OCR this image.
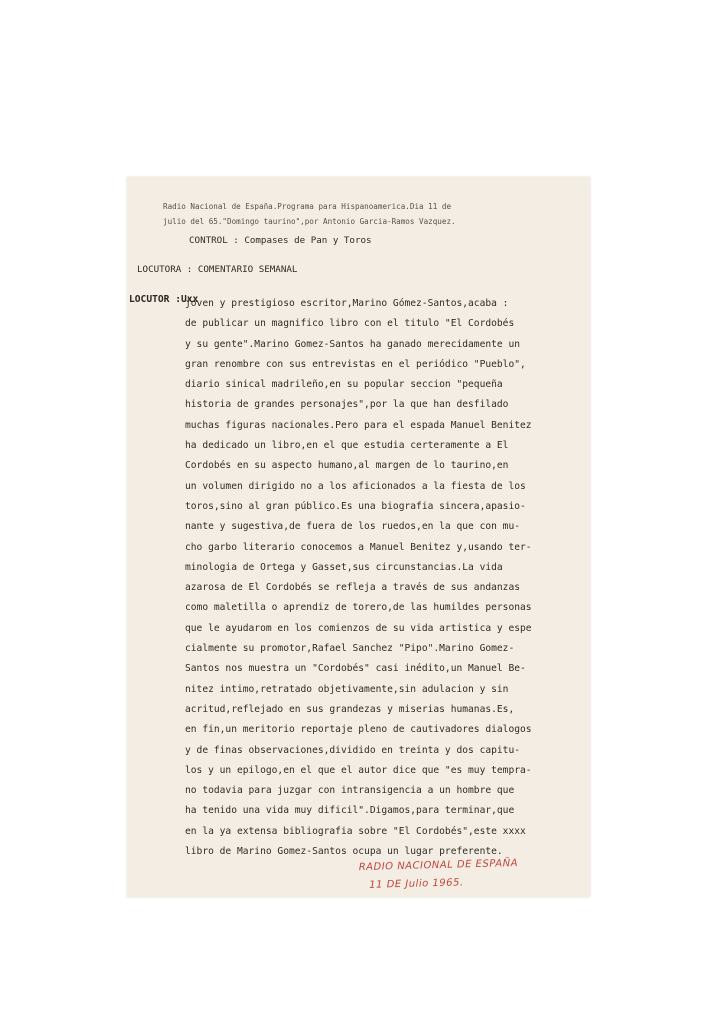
Radio Nacional de España.Programa para Hispanoamerica.Dia 11 de

julio del 65."Domingo taurino",por Antonio Garcia-Ramos Vazquez.

CONTROL : Compases de Pan y Toros

LOCUTORA : COMENTARIO SEMANAL

LOCUTOR :Uxx

joven y prestigioso escritor,Marino Gómez-Santos,acaba :
de publicar un magnifico libro con el titulo "El Cordobés
y su gente".Marino Gomez-Santos ha ganado merecidamente un
gran renombre con sus entrevistas en el periódico "Pueblo",
diario sinical madrileño,en su popular seccion "pequeña
historia de grandes personajes",por la que han desfilado
muchas figuras nacionales.Pero para el espada Manuel Benitez
ha dedicado un libro,en el que estudia certeramente a El
Cordobés en su aspecto humano,al margen de lo taurino,en
un volumen dirigido no a los aficionados a la fiesta de los
toros,sino al gran público.Es una biografia sincera,apasio-
nante y sugestiva,de fuera de los ruedos,en la que con mu-
cho garbo literario conocemos a Manuel Benitez y,usando ter-
minologia de Ortega y Gasset,sus circunstancias.La vida
azarosa de El Cordobés se refleja a través de sus andanzas
como maletilla o aprendiz de torero,de las humildes personas
que le ayudarom en los comienzos de su vida artistica y espe
cialmente su promotor,Rafael Sanchez "Pipo".Marino Gomez-
Santos nos muestra un "Cordobés" casi inédito,un Manuel Be-
nitez intimo,retratado objetivamente,sin adulacion y sin
acritud,reflejado en sus grandezas y miserias humanas.Es,
en fin,un meritorio reportaje pleno de cautivadores dialogos
y de finas observaciones,dividido en treinta y dos capitu-
los y un epilogo,en el que el autor dice que "es muy tempra-
no todavia para juzgar con intransigencia a un hombre que
ha tenido una vida muy dificil".Digamos,para terminar,que
en la ya extensa bibliografia sobre "El Cordobés",este xxxx
libro de Marino Gomez-Santos ocupa un lugar preferente.
RADIO NACIONAL DE ESPAÑA
11 DE Julio 1965.
